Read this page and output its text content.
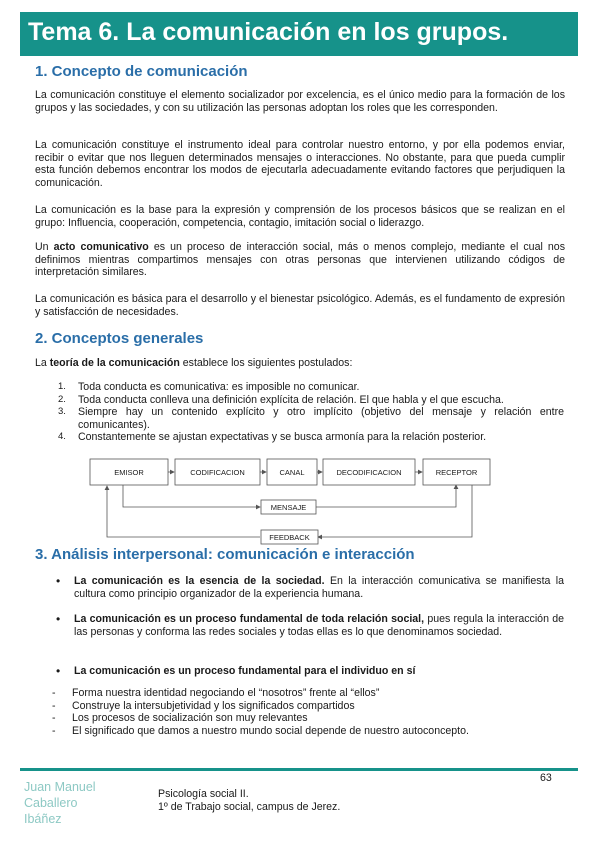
Tema 6. La comunicación en los grupos.
1. Concepto de comunicación

La comunicación constituye el elemento socializador por excelencia, es el único medio para la formación de los grupos y las sociedades, y con su utilización las personas adoptan los roles que les corresponden.

La comunicación constituye el instrumento ideal para controlar nuestro entorno, y por ella podemos enviar, recibir o evitar que nos lleguen determinados mensajes o interacciones. No obstante, para que pueda cumplir esta función debemos encontrar los modos de ejecutarla adecuadamente evitando factores que perjudiquen la comunicación.

La comunicación es la base para la expresión y comprensión de los procesos básicos que se realizan en el grupo: Influencia, cooperación, competencia, contagio, imitación social o liderazgo.

Un acto comunicativo es un proceso de interacción social, más o menos complejo, mediante el cual nos definimos mientras compartimos mensajes con otras personas que intervienen utilizando códigos de interpretación similares.

La comunicación es básica para el desarrollo y el bienestar psicológico. Además, es el fundamento de expresión y satisfacción de necesidades.

2. Conceptos generales

La teoría de la comunicación establece los siguientes postulados:

1. Toda conducta es comunicativa: es imposible no comunicar.
2. Toda conducta conlleva una definición explícita de relación. El que habla y el que escucha.
3. Siempre hay un contenido explícito y otro implícito (objetivo del mensaje y relación entre comunicantes).
4. Constantemente se ajustan expectativas y se busca armonía para la relación posterior.
EMISOR	CODIFICACION	CANAL	DECODIFICACION	RECEPTOR
MENSAJE
FEEDBACK
3. Análisis interpersonal: comunicación e interacción
• La comunicación es la esencia de la sociedad. En la interacción comunicativa se manifiesta la cultura como principio organizador de la experiencia humana.
• La comunicación es un proceso fundamental de toda relación social, pues regula la interacción de las personas y conforma las redes sociales y todas ellas es lo que denominamos sociedad.
• La comunicación es un proceso fundamental para el individuo en sí
- Forma nuestra identidad negociando el “nosotros” frente al “ellos”
- Construye la intersubjetividad y los significados compartidos
- Los procesos de socialización son muy relevantes
- El significado que damos a nuestro mundo social depende de nuestro autoconcepto.
63
Juan Manuel
Caballero
Ibáñez
Psicología social II.
1º de Trabajo social, campus de Jerez.
